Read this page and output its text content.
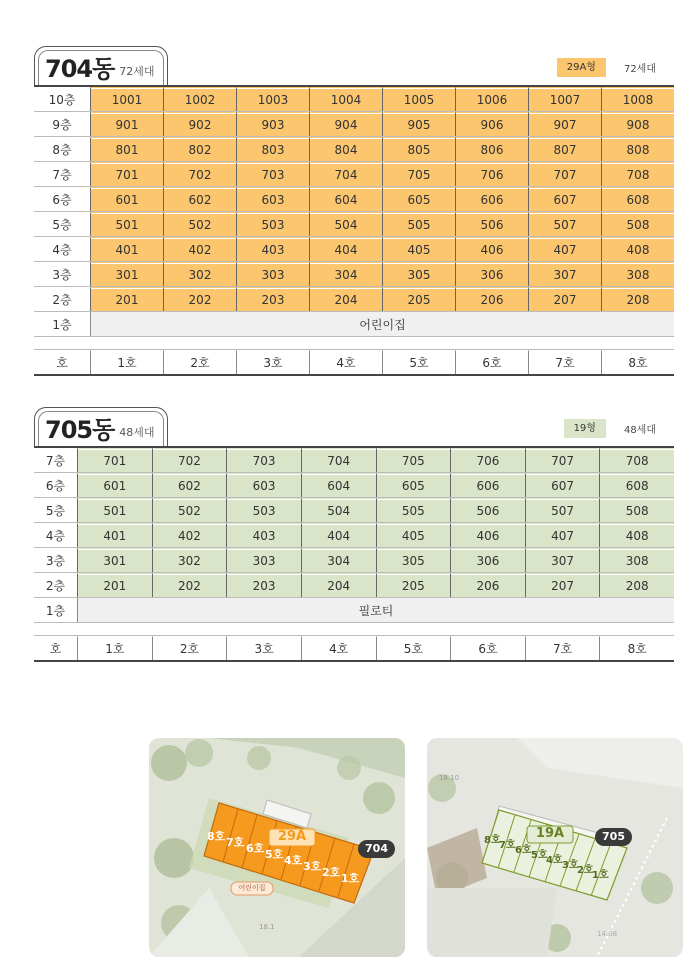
704동 72세대	29A형	72세대
10층	1001	1002	1003	1004	1005	1006	1007	1008
9층	901	902	903	904	905	906	907	908
8층	801	802	803	804	805	806	807	808
7층	701	702	703	704	705	706	707	708
6층	601	602	603	604	605	606	607	608
5층	501	502	503	504	505	506	507	508
4층	401	402	403	404	405	406	407	408
3층	301	302	303	304	305	306	307	308
2층	201	202	203	204	205	206	207	208
1층	어린이집
호	1호	2호	3호	4호	5호	6호	7호	8호
705동 48세대	19형	48세대
7층	701	702	703	704	705	706	707	708
6층	601	602	603	604	605	606	607	608
5층	501	502	503	504	505	506	507	508
4층	401	402	403	404	405	406	407	408
3층	301	302	303	304	305	306	307	308
2층	201	202	203	204	205	206	207	208
1층	필로티
호	1호	2호	3호	4호	5호	6호	7호	8호
29A
704
어린이집
18.1
8호 7호 6호 5호 4호 3호 2호 1호
19A	705
18.10
14.08
8호
7호 6호 5호
4호 3호
2호
1호
